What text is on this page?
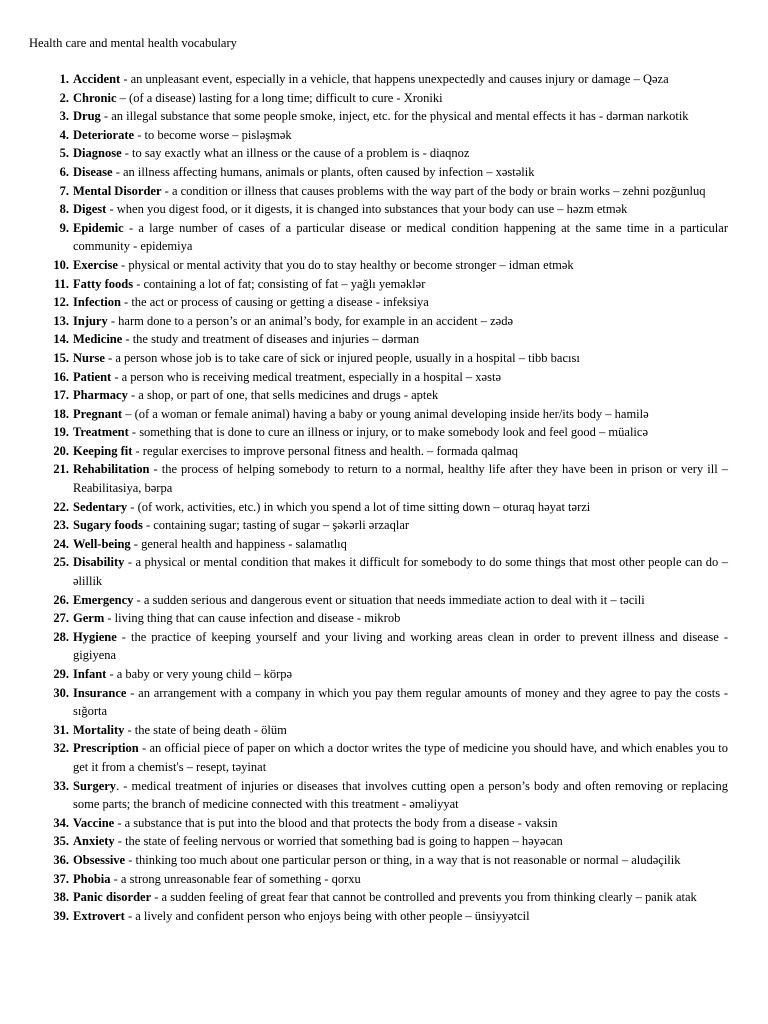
Health care and mental health vocabulary
1. Accident - an unpleasant event, especially in a vehicle, that happens unexpectedly and causes injury or damage – Qəza
2. Chronic – (of a disease) lasting for a long time; difficult to cure - Xroniki
3. Drug - an illegal substance that some people smoke, inject, etc. for the physical and mental effects it has - dərman narkotik
4. Deteriorate - to become worse – pisləşmək
5. Diagnose - to say exactly what an illness or the cause of a problem is - diaqnoz
6. Disease - an illness affecting humans, animals or plants, often caused by infection – xəstəlik
7. Mental Disorder - a condition or illness that causes problems with the way part of the body or brain works – zehni pozğunluq
8. Digest - when you digest food, or it digests, it is changed into substances that your body can use – həzm etmək
9. Epidemic - a large number of cases of a particular disease or medical condition happening at the same time in a particular community - epidemiya
10. Exercise - physical or mental activity that you do to stay healthy or become stronger – idman etmək
11. Fatty foods - containing a lot of fat; consisting of fat – yağlı yeməklər
12. Infection - the act or process of causing or getting a disease - infeksiya
13. Injury - harm done to a person’s or an animal’s body, for example in an accident – zədə
14. Medicine - the study and treatment of diseases and injuries – dərman
15. Nurse - a person whose job is to take care of sick or injured people, usually in a hospital – tibb bacısı
16. Patient - a person who is receiving medical treatment, especially in a hospital – xəstə
17. Pharmacy - a shop, or part of one, that sells medicines and drugs - aptek
18. Pregnant – (of a woman or female animal) having a baby or young animal developing inside her/its body – hamilə
19. Treatment - something that is done to cure an illness or injury, or to make somebody look and feel good – müalicə
20. Keeping fit - regular exercises to improve personal fitness and health. – formada qalmaq
21. Rehabilitation - the process of helping somebody to return to a normal, healthy life after they have been in prison or very ill – Reabilitasiya, bərpa
22. Sedentary - (of work, activities, etc.) in which you spend a lot of time sitting down – oturaq həyat tərzi
23. Sugary foods - containing sugar; tasting of sugar – şəkərli ərzaqlar
24. Well-being - general health and happiness - salamatlıq
25. Disability - a physical or mental condition that makes it difficult for somebody to do some things that most other people can do – əlillik
26. Emergency - a sudden serious and dangerous event or situation that needs immediate action to deal with it – təcili
27. Germ - living thing that can cause infection and disease - mikrob
28. Hygiene - the practice of keeping yourself and your living and working areas clean in order to prevent illness and disease - gigiyena
29. Infant - a baby or very young child – körpə
30. Insurance - an arrangement with a company in which you pay them regular amounts of money and they agree to pay the costs - sığorta
31. Mortality - the state of being death - ölüm
32. Prescription - an official piece of paper on which a doctor writes the type of medicine you should have, and which enables you to get it from a chemist's – resept, təyinat
33. Surgery. - medical treatment of injuries or diseases that involves cutting open a person’s body and often removing or replacing some parts; the branch of medicine connected with this treatment - əməliyyat
34. Vaccine - a substance that is put into the blood and that protects the body from a disease - vaksin
35. Anxiety - the state of feeling nervous or worried that something bad is going to happen – həyəcan
36. Obsessive - thinking too much about one particular person or thing, in a way that is not reasonable or normal – aludəçilik
37. Phobia - a strong unreasonable fear of something - qorxu
38. Panic disorder - a sudden feeling of great fear that cannot be controlled and prevents you from thinking clearly – panik atak
39. Extrovert - a lively and confident person who enjoys being with other people – ünsiyyətcil
